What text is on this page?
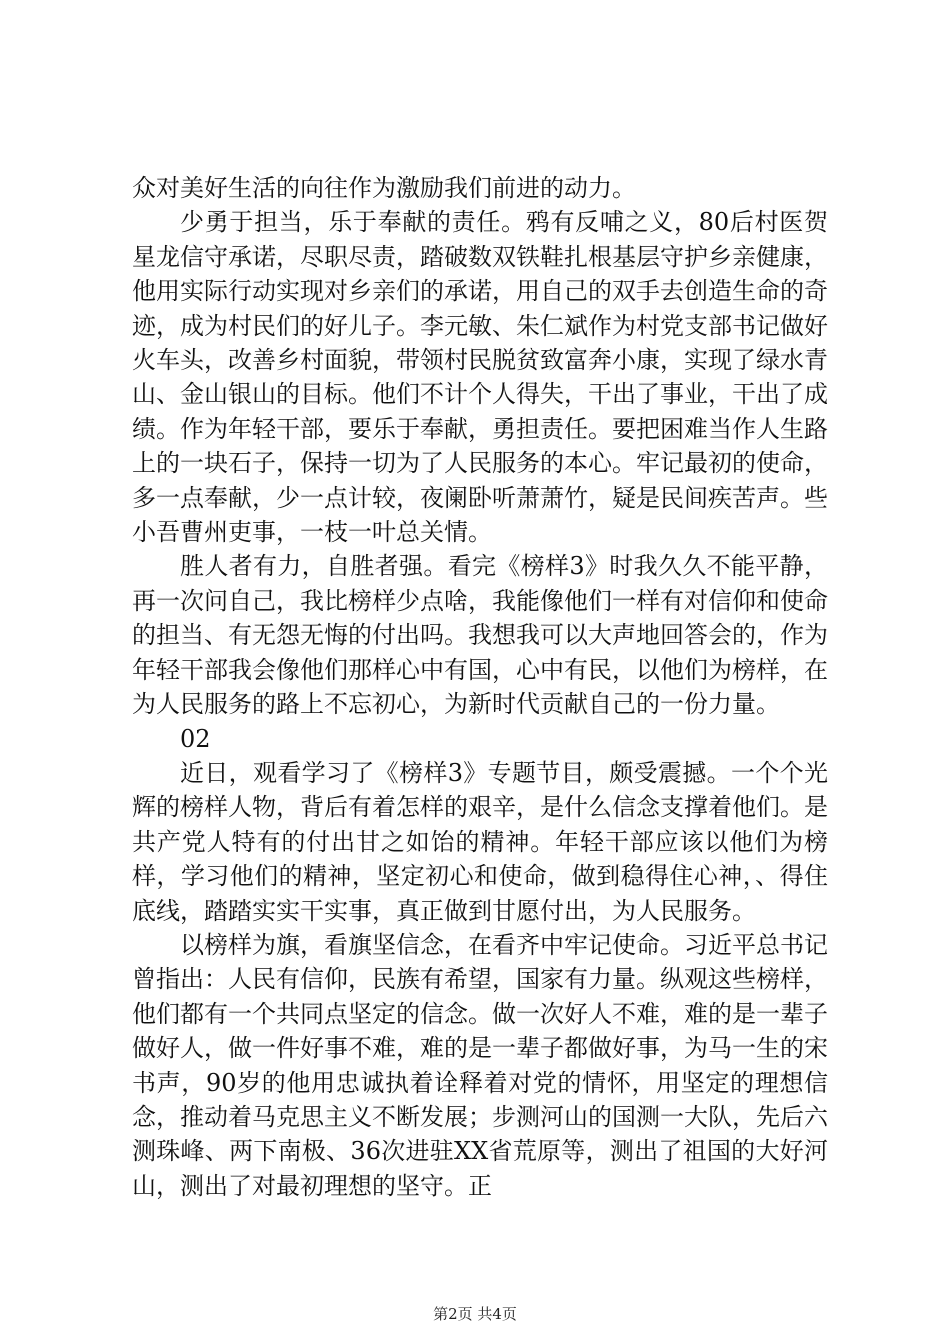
众对美好生活的向往作为激励我们前进的动力。

少勇于担当，乐于奉献的责任。鸦有反哺之义，80后村医贺星龙信守承诺，尽职尽责，踏破数双铁鞋扎根基层守护乡亲健康，他用实际行动实现对乡亲们的承诺，用自己的双手去创造生命的奇迹，成为村民们的好儿子。李元敏、朱仁斌作为村党支部书记做好火车头，改善乡村面貌，带领村民脱贫致富奔小康，实现了绿水青山、金山银山的目标。他们不计个人得失，干出了事业，干出了成绩。作为年轻干部，要乐于奉献，勇担责任。要把困难当作人生路上的一块石子，保持一切为了人民服务的本心。牢记最初的使命，多一点奉献，少一点计较，夜阑卧听萧萧竹，疑是民间疾苦声。些小吾曹州吏事，一枝一叶总关情。

胜人者有力，自胜者强。看完《榜样3》时我久久不能平静，再一次问自己，我比榜样少点啥，我能像他们一样有对信仰和使命的担当、有无怨无悔的付出吗。我想我可以大声地回答会的，作为年轻干部我会像他们那样心中有国，心中有民，以他们为榜样，在为人民服务的路上不忘初心，为新时代贡献自己的一份力量。

02

近日，观看学习了《榜样3》专题节目，颇受震撼。一个个光辉的榜样人物，背后有着怎样的艰辛，是什么信念支撑着他们。是共产党人特有的付出甘之如饴的精神。年轻干部应该以他们为榜样，学习他们的精神，坚定初心和使命，做到稳得住心神，、得住底线，踏踏实实干实事，真正做到甘愿付出，为人民服务。

以榜样为旗，看旗坚信念，在看齐中牢记使命。习近平总书记曾指出：人民有信仰，民族有希望，国家有力量。纵观这些榜样，他们都有一个共同点坚定的信念。做一次好人不难，难的是一辈子做好人，做一件好事不难，难的是一辈子都做好事，为马一生的宋书声，90岁的他用忠诚执着诠释着对党的情怀，用坚定的理想信念，推动着马克思主义不断发展；步测河山的国测一大队，先后六测珠峰、两下南极、36次进驻XX省荒原等，测出了祖国的大好河山，测出了对最初理想的坚守。正

第2页 共4页
